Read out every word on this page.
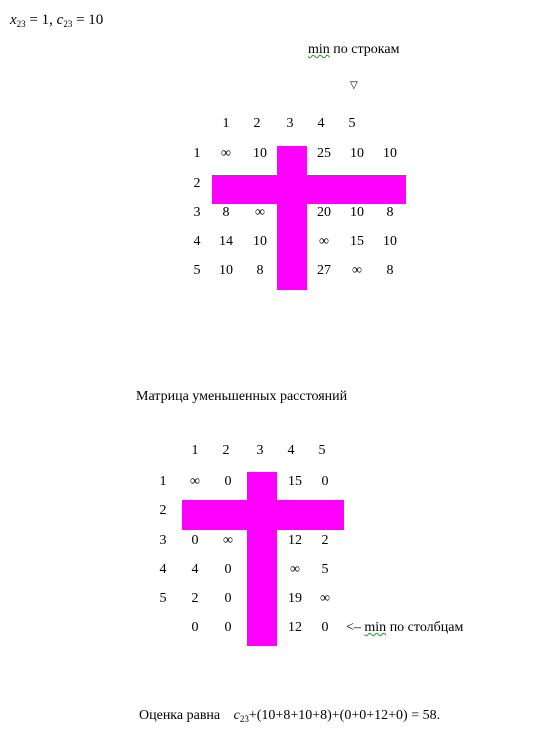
$x_{23} = 1$, $c_{23} = 10$
min по строкам
▽
1	2	3	4	5
1	∞	10	25	10	10
2
3	8	∞	20	10	8
4	14	10	∞	15	10
5	10	8	27	∞	8
Матрица уменьшенных расстояний
1	2	3	4	5
1	∞	0	15	0
2
3	0	∞	12	2
4	4	0	∞	5
5	2	0	19	∞
0	0	12	0	<– min по столбцам
Оценка равна $c_{23}+(10+8+10+8)+(0+0+12+0) = 58$.
